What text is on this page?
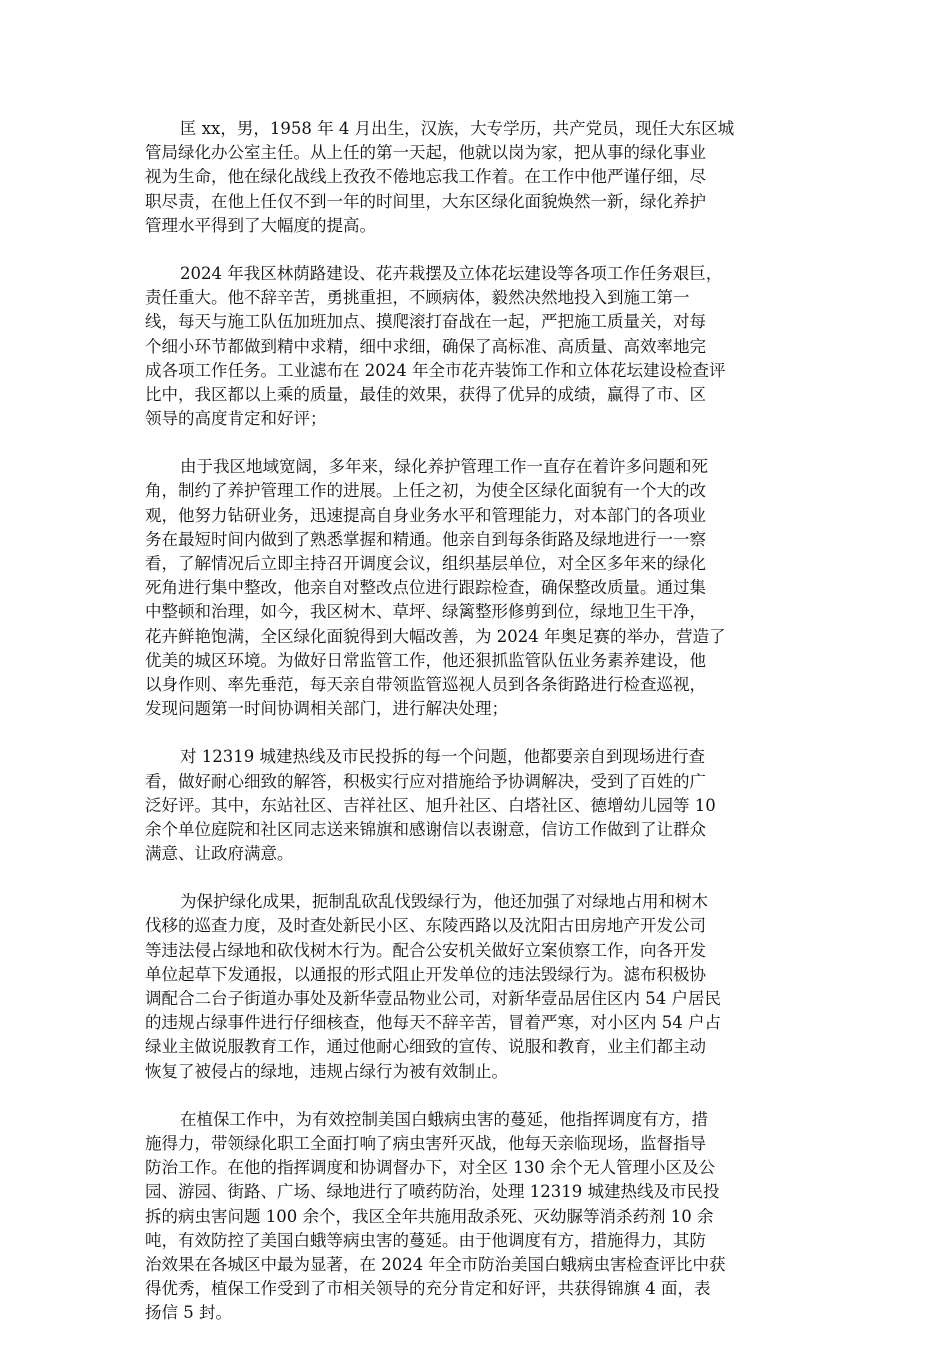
匡 xx，男，1958 年 4 月出生，汉族，大专学历，共产党员，现任大东区城
管局绿化办公室主任。从上任的第一天起，他就以岗为家，把从事的绿化事业
视为生命，他在绿化战线上孜孜不倦地忘我工作着。在工作中他严谨仔细，尽
职尽责，在他上任仅不到一年的时间里，大东区绿化面貌焕然一新，绿化养护
管理水平得到了大幅度的提高。
2024 年我区林荫路建设、花卉栽摆及立体花坛建设等各项工作任务艰巨，
责任重大。他不辞辛苦，勇挑重担，不顾病体，毅然决然地投入到施工第一
线，每天与施工队伍加班加点、摸爬滚打奋战在一起，严把施工质量关，对每
个细小环节都做到精中求精，细中求细，确保了高标准、高质量、高效率地完
成各项工作任务。工业滤布在 2024 年全市花卉装饰工作和立体花坛建设检查评
比中，我区都以上乘的质量，最佳的效果，获得了优异的成绩，赢得了市、区
领导的高度肯定和好评；
由于我区地域宽阔，多年来，绿化养护管理工作一直存在着许多问题和死
角，制约了养护管理工作的进展。上任之初，为使全区绿化面貌有一个大的改
观，他努力钻研业务，迅速提高自身业务水平和管理能力，对本部门的各项业
务在最短时间内做到了熟悉掌握和精通。他亲自到每条街路及绿地进行一一察
看，了解情况后立即主持召开调度会议，组织基层单位，对全区多年来的绿化
死角进行集中整改，他亲自对整改点位进行跟踪检查，确保整改质量。通过集
中整顿和治理，如今，我区树木、草坪、绿篱整形修剪到位，绿地卫生干净，
花卉鲜艳饱满，全区绿化面貌得到大幅改善，为 2024 年奥足赛的举办，营造了
优美的城区环境。为做好日常监管工作，他还狠抓监管队伍业务素养建设，他
以身作则、率先垂范，每天亲自带领监管巡视人员到各条街路进行检查巡视，
发现问题第一时间协调相关部门，进行解决处理；
对 12319 城建热线及市民投拆的每一个问题，他都要亲自到现场进行查
看，做好耐心细致的解答，积极实行应对措施给予协调解决，受到了百姓的广
泛好评。其中，东站社区、吉祥社区、旭升社区、白塔社区、德增幼儿园等 10
余个单位庭院和社区同志送来锦旗和感谢信以表谢意，信访工作做到了让群众
满意、让政府满意。
为保护绿化成果，扼制乱砍乱伐毁绿行为，他还加强了对绿地占用和树木
伐移的巡查力度，及时查处新民小区、东陵西路以及沈阳古田房地产开发公司
等违法侵占绿地和砍伐树木行为。配合公安机关做好立案侦察工作，向各开发
单位起草下发通报，以通报的形式阻止开发单位的违法毁绿行为。滤布积极协
调配合二台子街道办事处及新华壹品物业公司，对新华壹品居住区内 54 户居民
的违规占绿事件进行仔细核查，他每天不辞辛苦，冒着严寒，对小区内 54 户占
绿业主做说服教育工作，通过他耐心细致的宣传、说服和教育，业主们都主动
恢复了被侵占的绿地，违规占绿行为被有效制止。
在植保工作中，为有效控制美国白蛾病虫害的蔓延，他指挥调度有方，措
施得力，带领绿化职工全面打响了病虫害歼灭战，他每天亲临现场，监督指导
防治工作。在他的指挥调度和协调督办下，对全区 130 余个无人管理小区及公
园、游园、街路、广场、绿地进行了喷药防治，处理 12319 城建热线及市民投
拆的病虫害问题 100 余个，我区全年共施用敌杀死、灭幼脲等消杀药剂 10 余
吨，有效防控了美国白蛾等病虫害的蔓延。由于他调度有方，措施得力，其防
治效果在各城区中最为显著，在 2024 年全市防治美国白蛾病虫害检查评比中获
得优秀，植保工作受到了市相关领导的充分肯定和好评，共获得锦旗 4 面，表
扬信 5 封。
